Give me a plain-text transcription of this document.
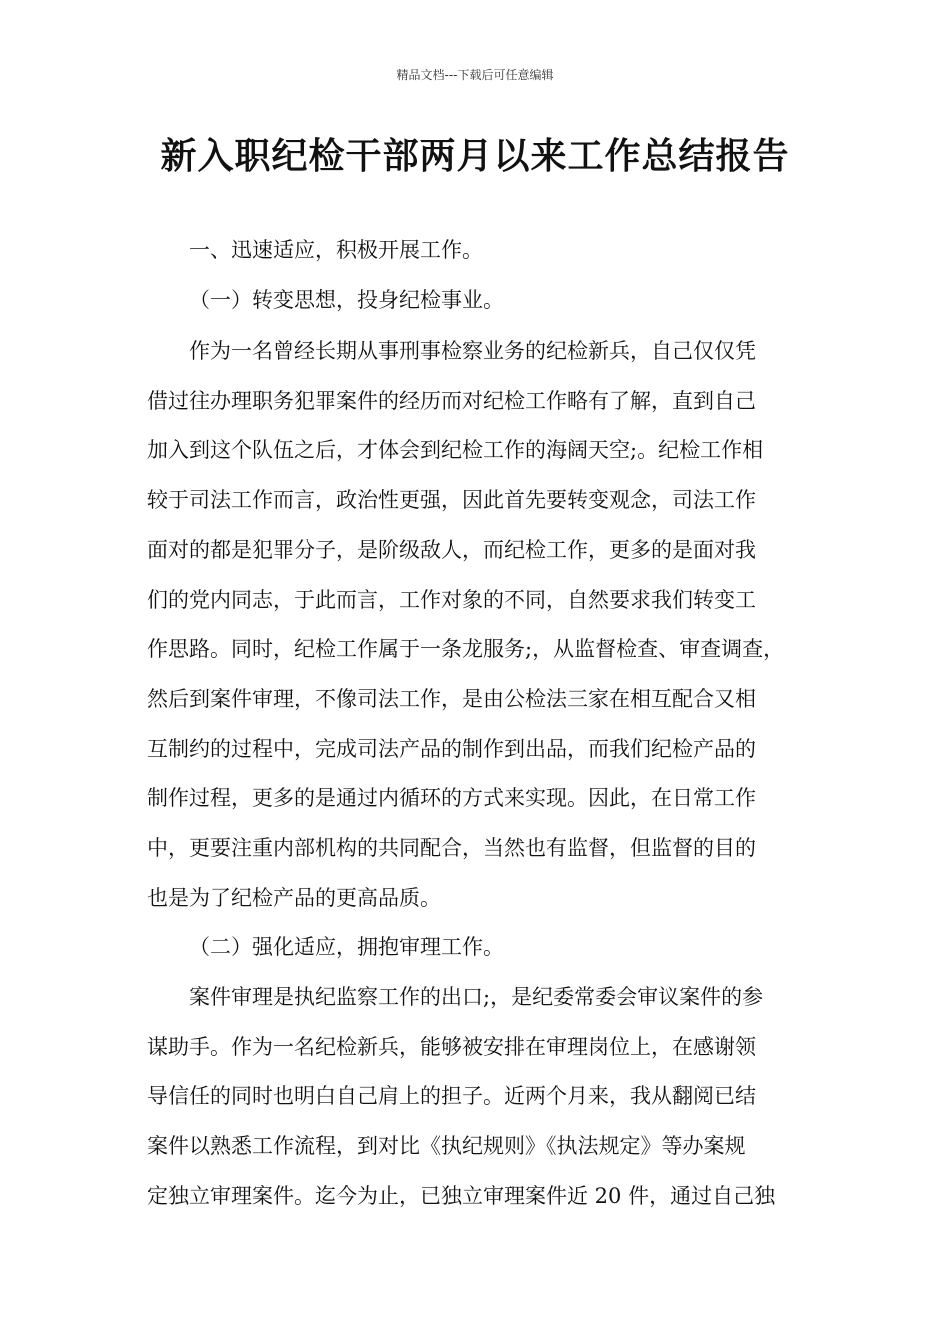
精品文档---下载后可任意编辑
新入职纪检干部两月以来工作总结报告
一、迅速适应，积极开展工作。
（一）转变思想，投身纪检事业。
作为一名曾经长期从事刑事检察业务的纪检新兵，自己仅仅凭
借过往办理职务犯罪案件的经历而对纪检工作略有了解，直到自己
加入到这个队伍之后，才体会到纪检工作的海阔天空;。纪检工作相
较于司法工作而言，政治性更强，因此首先要转变观念，司法工作
面对的都是犯罪分子，是阶级敌人，而纪检工作，更多的是面对我
们的党内同志，于此而言，工作对象的不同，自然要求我们转变工
作思路。同时，纪检工作属于一条龙服务;，从监督检查、审查调查，
然后到案件审理，不像司法工作，是由公检法三家在相互配合又相
互制约的过程中，完成司法产品的制作到出品，而我们纪检产品的
制作过程，更多的是通过内循环的方式来实现。因此，在日常工作
中，更要注重内部机构的共同配合，当然也有监督，但监督的目的
也是为了纪检产品的更高品质。
（二）强化适应，拥抱审理工作。
案件审理是执纪监察工作的出口;，是纪委常委会审议案件的参
谋助手。作为一名纪检新兵，能够被安排在审理岗位上，在感谢领
导信任的同时也明白自己肩上的担子。近两个月来，我从翻阅已结
案件以熟悉工作流程，到对比《执纪规则》《执法规定》等办案规
定独立审理案件。迄今为止，已独立审理案件近 20 件，通过自己独
